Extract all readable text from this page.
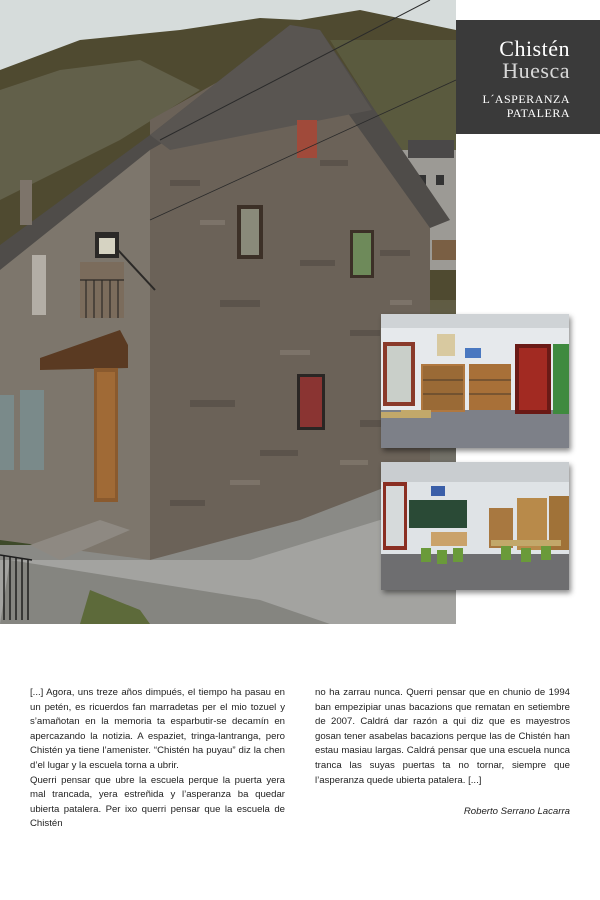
Chistén
Huesca
L´ASPERANZA
PATALERA

[...] Agora, uns treze años dimpués, el tiempo ha pasau en un petén, es ricuerdos fan marradetas per el mio tozuel y s’amañotan en la memoria ta esparbutir-se decamín en apercazando la notizia. A espaziet, tringa-lantranga, pero Chistén ya tiene l’amenister. “Chistén ha puyau” diz la chen d’el lugar y la escuela torna a ubrir.

Querri pensar que ubre la escuela perque la puerta yera mal trancada, yera estreñida y l’asperanza ba quedar ubierta patalera. Per ixo querri pensar que la escuela de Chistén

no ha zarrau nunca. Querri pensar que en chunio de 1994 ban empezipiar unas bacazions que rematan en setiembre de 2007. Caldrá dar razón a qui diz que es mayestros gosan tener asabelas bacazions perque las de Chistén han estau masiau largas. Caldrá pensar que una escuela nunca tranca las suyas puertas ta no tornar, siempre que l’asperanza quede ubierta patalera. [...]

Roberto Serrano Lacarra
